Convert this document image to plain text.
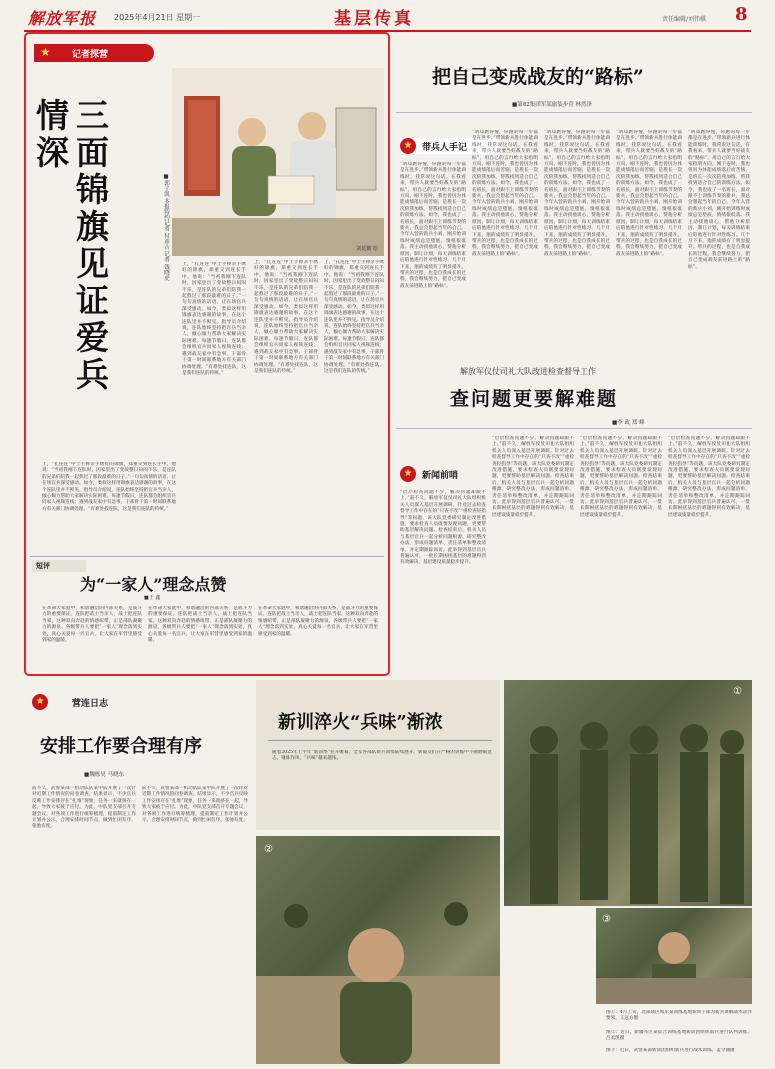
解放军报 2025年4月21日 星期一	基层传真	责任编辑/刘伟棋 8
★ 记者探营
三面锦旗见证爱兵情深
■郭子凯 本报特约记者 付彦吉 记者 钱晓虎	刘延鹏 绘
上，“孔连连”中士手捧亲手绣好的锦旗，郑重交到连长手中。他说：“当初我刚下连队时，因家里出了变故整日闷闷不乐，是连队的兄弟们陪我一起熬过了那段最难的日子。”一句句真情的话语，让在场官兵深受感动。如今，类似这样用锦旗表达感谢的故事，在这个连队里并不鲜见。指导员介绍说，连队始终坚持把官兵当亲人，倾心倾力帮助大家解决实际困难。每逢节假日，连队都会组织官兵同家人视频连线；遇到战友家中有急事，干部骨干第一时间联系地方有关部门协调处理。“有难处找连队，这是我们连队的传统。”
上，“孔连连”中士手捧亲手绣好的锦旗，郑重交到连长手中。他说：“当初我刚下连队时，因家里出了变故整日闷闷不乐，是连队的兄弟们陪我一起熬过了那段最难的日子。”一句句真情的话语，让在场官兵深受感动。如今，类似这样用锦旗表达感谢的故事，在这个连队里并不鲜见。指导员介绍说，连队始终坚持把官兵当亲人，倾心倾力帮助大家解决实际困难。每逢节假日，连队都会组织官兵同家人视频连线；遇到战友家中有急事，干部骨干第一时间联系地方有关部门协调处理。“有难处找连队，这是我们连队的传统。”
上，“孔连连”中士手捧亲手绣好的锦旗，郑重交到连长手中。他说：“当初我刚下连队时，因家里出了变故整日闷闷不乐，是连队的兄弟们陪我一起熬过了那段最难的日子。”一句句真情的话语，让在场官兵深受感动。如今，类似这样用锦旗表达感谢的故事，在这个连队里并不鲜见。指导员介绍说，连队始终坚持把官兵当亲人，倾心倾力帮助大家解决实际困难。每逢节假日，连队都会组织官兵同家人视频连线；遇到战友家中有急事，干部骨干第一时间联系地方有关部门协调处理。“有难处找连队，这是我们连队的传统。”
上，“孔连连”中士手捧亲手绣好的锦旗，郑重交到连长手中。他说：“当初我刚下连队时，因家里出了变故整日闷闷不乐，是连队的兄弟们陪我一起熬过了那段最难的日子。”一句句真情的话语，让在场官兵深受感动。如今，类似这样用锦旗表达感谢的故事，在这个连队里并不鲜见。指导员介绍说，连队始终坚持把官兵当亲人，倾心倾力帮助大家解决实际困难。每逢节假日，连队都会组织官兵同家人视频连线；遇到战友家中有急事，干部骨干第一时间联系地方有关部门协调处理。“有难处找连队，这是我们连队的传统。”
短评
为“一家人”理念点赞
■王 鑫
在革命大家庭中，和谐融洽的内部关系，是战斗力的重要保证。连队把战士当亲人，战士把连队当家，这种双向奔赴的情感纽带，正是部队凝聚力的源泉。各级带兵人要把“一家人”理念落到实处，真心关爱每一名官兵，让大家在军营里感受到家的温暖。
在革命大家庭中，和谐融洽的内部关系，是战斗力的重要保证。连队把战士当亲人，战士把连队当家，这种双向奔赴的情感纽带，正是部队凝聚力的源泉。各级带兵人要把“一家人”理念落到实处，真心关爱每一名官兵，让大家在军营里感受到家的温暖。
在革命大家庭中，和谐融洽的内部关系，是战斗力的重要保证。连队把战士当亲人，战士把连队当家，这种双向奔赴的情感纽带，正是部队凝聚力的源泉。各级带兵人要把“一家人”理念落到实处，真心关爱每一名官兵，让大家在军营里感受到家的温暖。
把自己变成战友的“路标”
■第82集团军某旅装步营 林然泽
★	带兵人手记
“明知跑得慢，你跑的每一步都是在进步。”带领新兵进行体能训练时，我常说这句话。在我看来，带兵人就要当好战友的“路标”，用自己的言行给大家指明方向。刚下连时，我也曾因为体能成绩落后而苦恼，是班长一次次陪我加练，帮我找到适合自己的训练方法。如今，我也成了一名班长，面对跟不上训练节奏的新兵，我总会想起当年的自己。今年入营的新兵小刘，刚开始训练时成绩总是垫底，情绪很低落。我主动找他谈心，帮他分析原因、制订计划，每天训练结束后陪他进行针对性练习。几个月下来，他的成绩有了明显提升。带兵的过程，也是自我成长的过程。我会继续努力，把自己变成战友前进路上的“路标”。
“明知跑得慢，你跑的每一步都是在进步。”带领新兵进行体能训练时，我常说这句话。在我看来，带兵人就要当好战友的“路标”，用自己的言行给大家指明方向。刚下连时，我也曾因为体能成绩落后而苦恼，是班长一次次陪我加练，帮我找到适合自己的训练方法。如今，我也成了一名班长，面对跟不上训练节奏的新兵，我总会想起当年的自己。今年入营的新兵小刘，刚开始训练时成绩总是垫底，情绪很低落。我主动找他谈心，帮他分析原因、制订计划，每天训练结束后陪他进行针对性练习。几个月下来，他的成绩有了明显提升。带兵的过程，也是自我成长的过程。我会继续努力，把自己变成战友前进路上的“路标”。
“明知跑得慢，你跑的每一步都是在进步。”带领新兵进行体能训练时，我常说这句话。在我看来，带兵人就要当好战友的“路标”，用自己的言行给大家指明方向。刚下连时，我也曾因为体能成绩落后而苦恼，是班长一次次陪我加练，帮我找到适合自己的训练方法。如今，我也成了一名班长，面对跟不上训练节奏的新兵，我总会想起当年的自己。今年入营的新兵小刘，刚开始训练时成绩总是垫底，情绪很低落。我主动找他谈心，帮他分析原因、制订计划，每天训练结束后陪他进行针对性练习。几个月下来，他的成绩有了明显提升。带兵的过程，也是自我成长的过程。我会继续努力，把自己变成战友前进路上的“路标”。
“明知跑得慢，你跑的每一步都是在进步。”带领新兵进行体能训练时，我常说这句话。在我看来，带兵人就要当好战友的“路标”，用自己的言行给大家指明方向。刚下连时，我也曾因为体能成绩落后而苦恼，是班长一次次陪我加练，帮我找到适合自己的训练方法。如今，我也成了一名班长，面对跟不上训练节奏的新兵，我总会想起当年的自己。今年入营的新兵小刘，刚开始训练时成绩总是垫底，情绪很低落。我主动找他谈心，帮他分析原因、制订计划，每天训练结束后陪他进行针对性练习。几个月下来，他的成绩有了明显提升。带兵的过程，也是自我成长的过程。我会继续努力，把自己变成战友前进路上的“路标”。
“明知跑得慢，你跑的每一步都是在进步。”带领新兵进行体能训练时，我常说这句话。在我看来，带兵人就要当好战友的“路标”，用自己的言行给大家指明方向。刚下连时，我也曾因为体能成绩落后而苦恼，是班长一次次陪我加练，帮我找到适合自己的训练方法。如今，我也成了一名班长，面对跟不上训练节奏的新兵，我总会想起当年的自己。今年入营的新兵小刘，刚开始训练时成绩总是垫底，情绪很低落。我主动找他谈心，帮他分析原因、制订计划，每天训练结束后陪他进行针对性练习。几个月下来，他的成绩有了明显提升。带兵的过程，也是自我成长的过程。我会继续努力，把自己变成战友前进路上的“路标”。
解放军仪仗司礼大队改进检查督导工作
查问题更要解难题
■李 政 郑 峰
★	新闻前哨
“层层检查问题不少，解决问题却跟不上。”前不久，解放军仪仗司礼大队组织机关人员深入基层开展调研。针对过去检查督导工作中存在的“只查不改”“重检查轻指导”等问题，该大队党委研究制定改进措施，要求检查人员既要发现问题，更要帮助基层解决问题。检查结束后，机关人员与基层官兵一起分析问题根源、研究整改办法，形成问题清单、责任清单和整改清单，并定期跟踪回访。此举得到基层官兵普遍认可，一批长期困扰基层的难题得到有效解决，基层建设质量稳步提升。
“层层检查问题不少，解决问题却跟不上。”前不久，解放军仪仗司礼大队组织机关人员深入基层开展调研。针对过去检查督导工作中存在的“只查不改”“重检查轻指导”等问题，该大队党委研究制定改进措施，要求检查人员既要发现问题，更要帮助基层解决问题。检查结束后，机关人员与基层官兵一起分析问题根源、研究整改办法，形成问题清单、责任清单和整改清单，并定期跟踪回访。此举得到基层官兵普遍认可，一批长期困扰基层的难题得到有效解决，基层建设质量稳步提升。
“层层检查问题不少，解决问题却跟不上。”前不久，解放军仪仗司礼大队组织机关人员深入基层开展调研。针对过去检查督导工作中存在的“只查不改”“重检查轻指导”等问题，该大队党委研究制定改进措施，要求检查人员既要发现问题，更要帮助基层解决问题。检查结束后，机关人员与基层官兵一起分析问题根源、研究整改办法，形成问题清单、责任清单和整改清单，并定期跟踪回访。此举得到基层官兵普遍认可，一批长期困扰基层的难题得到有效解决，基层建设质量稳步提升。
“层层检查问题不少，解决问题却跟不上。”前不久，解放军仪仗司礼大队组织机关人员深入基层开展调研。针对过去检查督导工作中存在的“只查不改”“重检查轻指导”等问题，该大队党委研究制定改进措施，要求检查人员既要发现问题，更要帮助基层解决问题。检查结束后，机关人员与基层官兵一起分析问题根源、研究整改办法，形成问题清单、责任清单和整改清单，并定期跟踪回访。此举得到基层官兵普遍认可，一批长期困扰基层的难题得到有效解决，基层建设质量稳步提升。
★	营连日志
安排工作要合理有序
■魏栋昊 马晓东
前不久，武警某部一机动队队某中队开展了一次针对近期工作情况的问卷调查。结果显示，不少官兵反映工作安排存在“扎堆”现象，任务一来就挤在一起，导致大家疲于应付。为此，中队党支部召开专题会议，对各项工作进行统筹梳理，提前制定工作计划并公示，合理安排时间节点，做到忙闲有序、张弛有度。
前不久，武警某部一机动队队某中队开展了一次针对近期工作情况的问卷调查。结果显示，不少官兵反映工作安排存在“扎堆”现象，任务一来就挤在一起，导致大家疲于应付。为此，中队党支部召开专题会议，对各项工作进行统筹梳理，提前制定工作计划并公示，合理安排时间节点，做到忙闲有序、张弛有度。
新训淬火“兵味”渐浓
随着2025年上半年“新训季”拉开帷幕，全军各部队新兵训练陆续展开。新战友们在严格的训练中不断磨砺意志、锤炼作风，“兵味”越来越浓。
①
②
③
图①：4月上旬，北部战区海军某训练基地新训干部为新兵讲解战术动作要领。王远方摄
图②：近日，新疆军区某综合训练基地新训团组织新兵进行队列训练。吕丞凯摄
图③：近日，武警某部新训团组织新兵进行战术训练。孟令涵摄
